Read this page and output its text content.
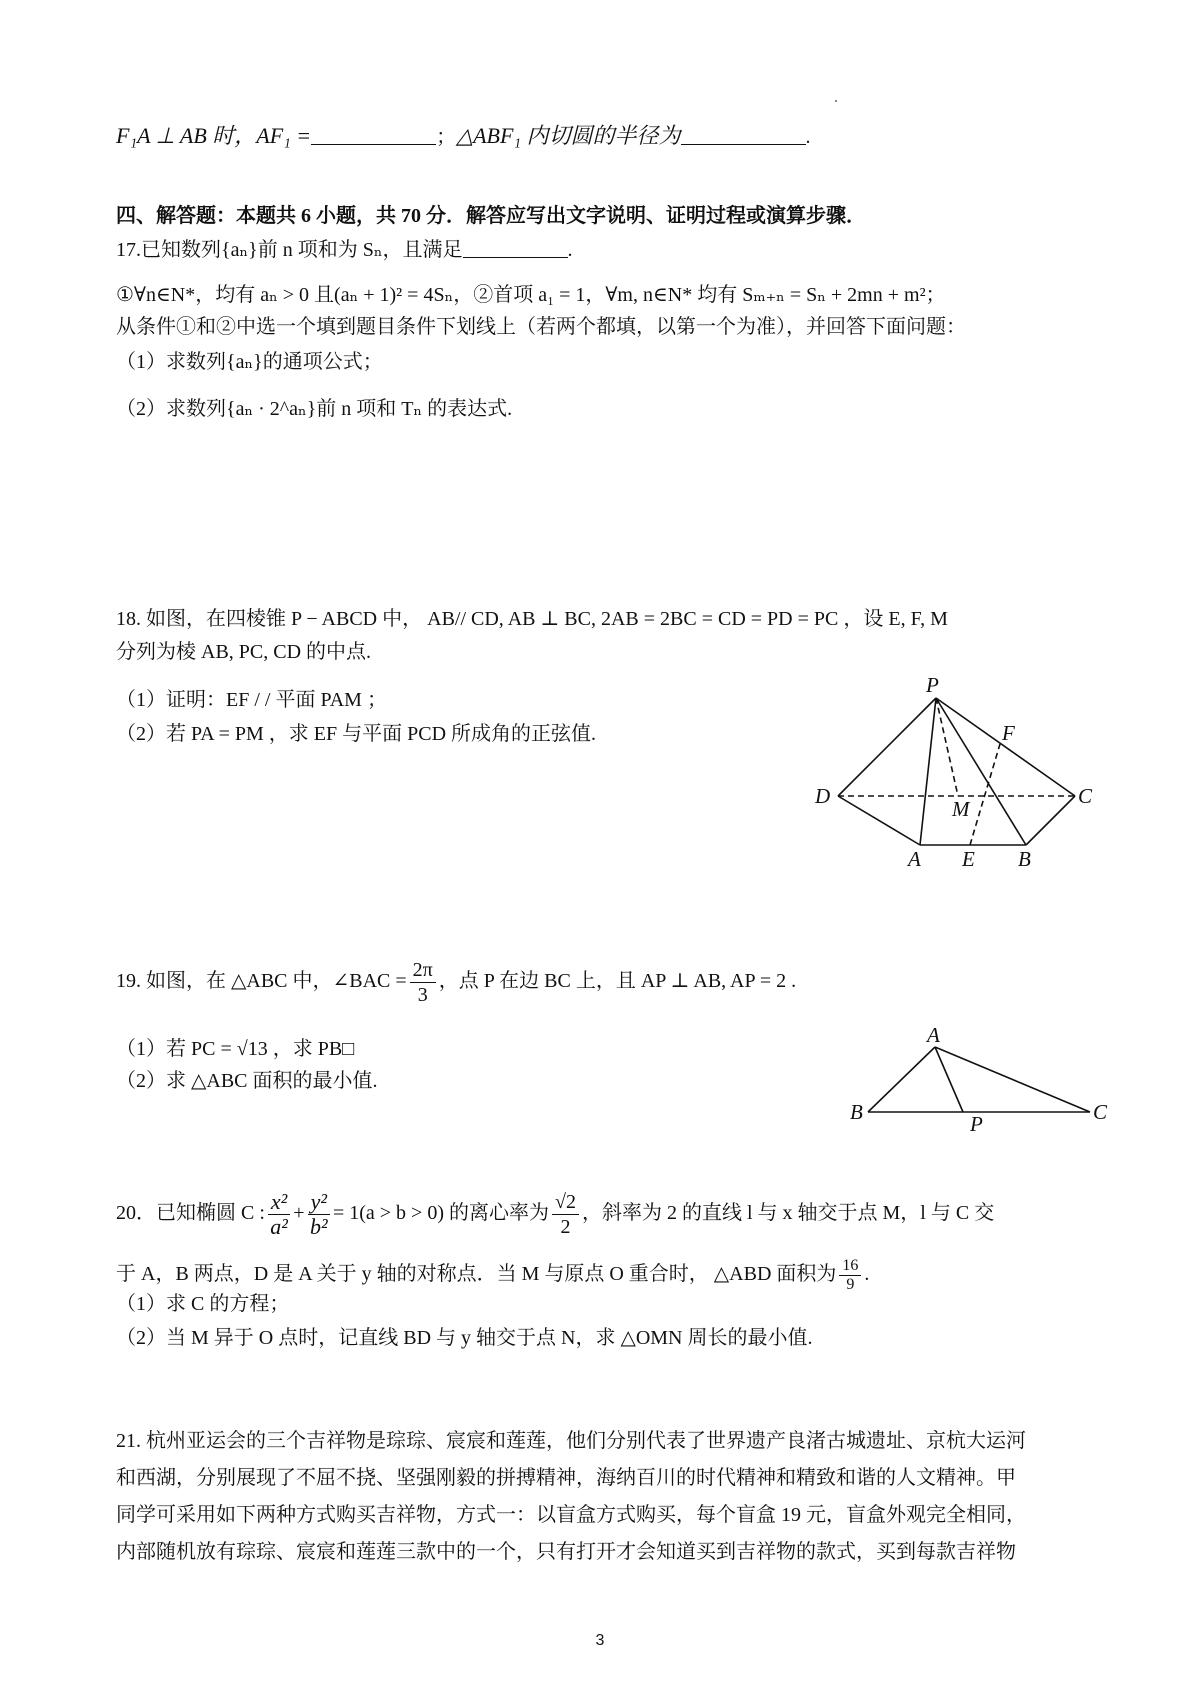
F₁A ⊥ AB 时，AF₁ =	；△ABF₁ 内切圆的半径为	.
四、解答题：本题共 6 小题，共 70 分．解答应写出文字说明、证明过程或演算步骤．
17.已知数列{aₙ}前 n 项和为 Sₙ，且满足	.
①∀n∈N*，均有 aₙ > 0 且(aₙ + 1)² = 4Sₙ，②首项 a₁ = 1，∀m, n∈N* 均有 Sₘ₊ₙ = Sₙ + 2mn + m²；
从条件①和②中选一个填到题目条件下划线上（若两个都填，以第一个为准），并回答下面问题：
（1）求数列{aₙ}的通项公式；
（2）求数列{aₙ · 2^aₙ}前 n 项和 Tₙ 的表达式.
18. 如图，在四棱锥 P − ABCD 中， AB// CD, AB ⊥ BC, 2AB = 2BC = CD = PD = PC ，设 E, F, M
分列为棱 AB, PC, CD 的中点.
（1）证明：EF / / 平面 PAM ；
（2）若 PA = PM ，求 EF 与平面 PCD 所成角的正弦值.
P
F
D	C
M
A E B
A
B	P	C
19. 如图，在 △ABC 中，∠BAC = $\frac{2\pi}{3}$ ，点 P 在边 BC 上，且 AP ⊥ AB, AP = 2 .
（1）若 PC = √13 ，求 PB□
（2）求 △ABC 面积的最小值.
20．已知椭圆 C : $\frac{\text{x²}}{\text{a²}} + \frac{\text{y²}}{\text{b²}} = 1(a > b > 0)$ 的离心率为 $\frac{√2}{2}$ ，斜率为 2 的直线 l 与 x 轴交于点 M，l 与 C 交
于 A，B 两点，D 是 A 关于 y 轴的对称点．当 M 与原点 O 重合时， △ABD 面积为 $\frac{16}{9}$ .
（1）求 C 的方程；
（2）当 M 异于 O 点时，记直线 BD 与 y 轴交于点 N，求 △OMN 周长的最小值.
21. 杭州亚运会的三个吉祥物是琮琮、宸宸和莲莲，他们分别代表了世界遗产良渚古城遗址、京杭大运河
和西湖，分别展现了不屈不挠、坚强刚毅的拼搏精神，海纳百川的时代精神和精致和谐的人文精神。甲
同学可采用如下两种方式购买吉祥物，方式一：以盲盒方式购买，每个盲盒 19 元，盲盒外观完全相同，
内部随机放有琮琮、宸宸和莲莲三款中的一个，只有打开才会知道买到吉祥物的款式，买到每款吉祥物
3
